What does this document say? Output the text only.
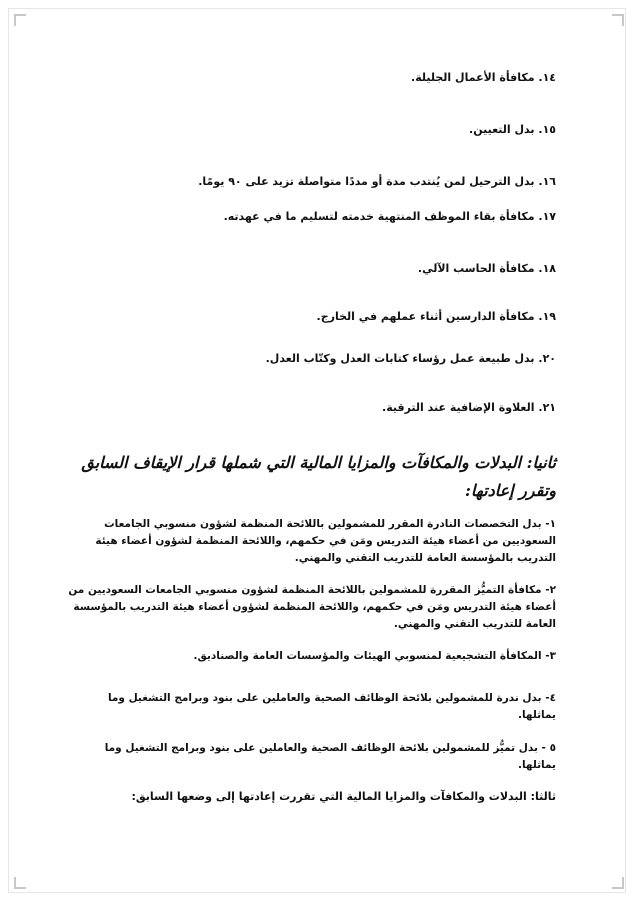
١٤. مكافأة الأعمال الجليلة.
١٥. بدل التعيين.
١٦. بدل الترحيل لمن يُنتدب مدة أو مددًا متواصلة تزيد على ٩٠ يومًا.
١٧. مكافأة بقاء الموظف المنتهية خدمته لتسليم ما في عهدته.
١٨. مكافأة الحاسب الآلي.
١٩. مكافأة الدارسين أثناء عملهم في الخارج.
٢٠. بدل طبيعة عمل رؤساء كتابات العدل وكتّاب العدل.
٢١. العلاوة الإضافية عند الترقية.
ثانيا: البدلات والمكافآت والمزايا المالية التي شملها قرار الإيقاف السابق وتقرر إعادتها:
١- بدل التخصصات النادرة المقرر للمشمولين باللائحة المنظمة لشؤون منسوبي الجامعات السعوديين من أعضاء هيئة التدريس ومَن في حكمهم، واللائحة المنظمة لشؤون أعضاء هيئة التدريب بالمؤسسة العامة للتدريب التقني والمهني.
٢- مكافأة التميُّز المقررة للمشمولين باللائحة المنظمة لشؤون منسوبي الجامعات السعوديين من أعضاء هيئة التدريس ومَن في حكمهم، واللائحة المنظمة لشؤون أعضاء هيئة التدريب بالمؤسسة العامة للتدريب التقني والمهني.
٣- المكافأة التشجيعية لمنسوبي الهيئات والمؤسسات العامة والصناديق.
٤- بدل ندرة للمشمولين بلائحة الوظائف الصحية والعاملين على بنود وبرامج التشغيل وما يماثلها.
٥ - بدل تميُّز للمشمولين بلائحة الوظائف الصحية والعاملين على بنود وبرامج التشغيل وما يماثلها.
ثالثا: البدلات والمكافآت والمزايا المالية التي تقررت إعادتها إلى وضعها السابق:
